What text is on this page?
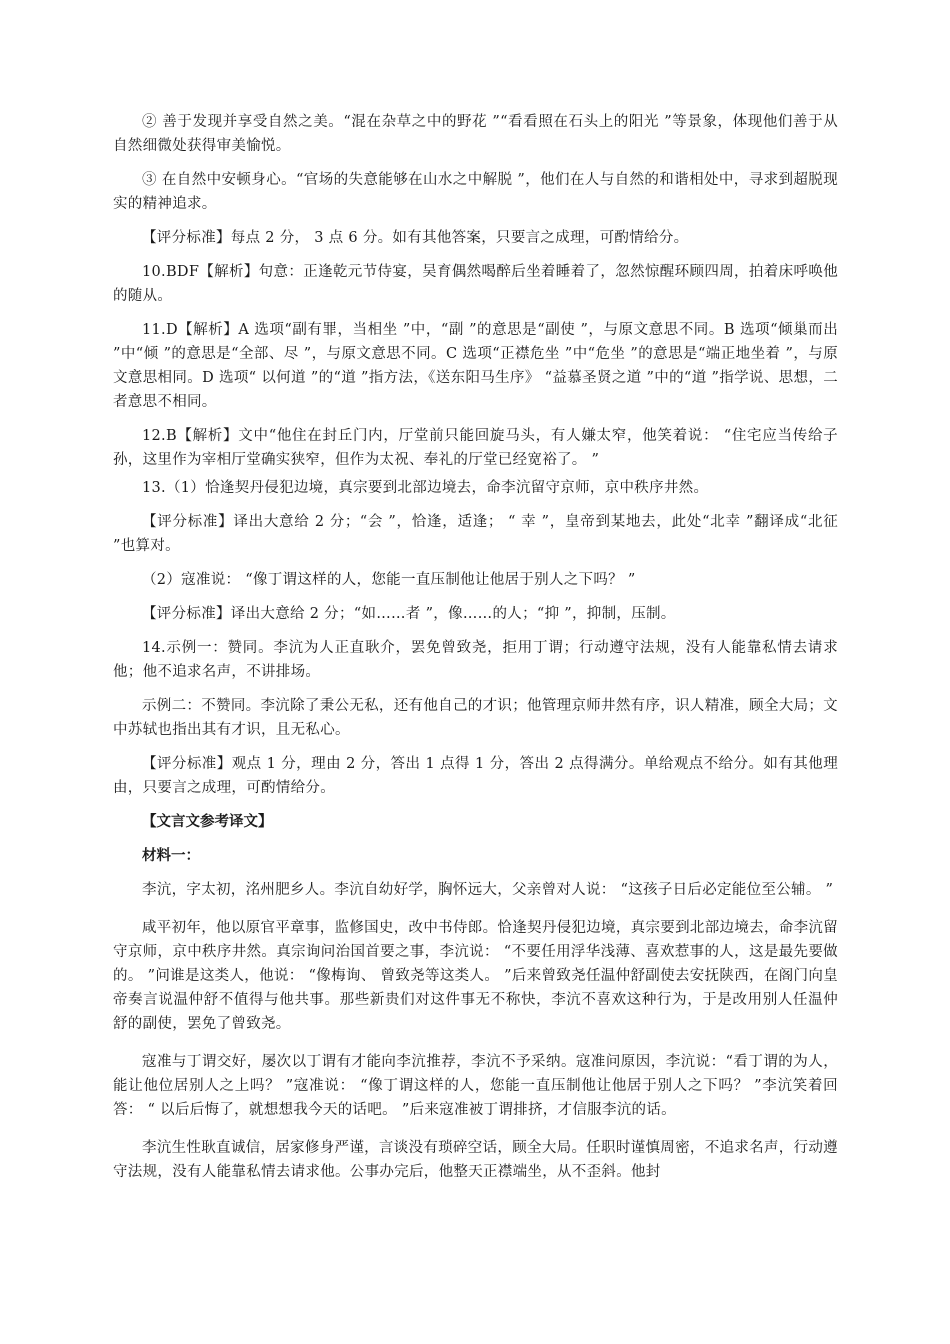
② 善于发现并享受自然之美。“混在杂草之中的野花 ”“看看照在石头上的阳光 ”等景象，体现他们善于从自然细微处获得审美愉悦。

③ 在自然中安顿身心。“官场的失意能够在山水之中解脱 ”，他们在人与自然的和谐相处中，寻求到超脱现实的精神追求。

【评分标准】每点 2 分， 3 点 6 分。如有其他答案，只要言之成理，可酌情给分。

10.BDF【解析】句意：正逢乾元节侍宴，吴育偶然喝醉后坐着睡着了，忽然惊醒环顾四周，拍着床呼唤他的随从。

11.D【解析】A 选项“副有罪，当相坐 ”中，“副 ”的意思是“副使 ”，与原文意思不同。B 选项“倾巢而出 ”中“倾 ”的意思是“全部、尽 ”，与原文意思不同。C 选项“正襟危坐 ”中“危坐 ”的意思是“端正地坐着 ”，与原文意思相同。D 选项“ 以何道 ”的“道 ”指方法，《送东阳马生序》 “益慕圣贤之道 ”中的“道 ”指学说、思想，二者意思不相同。

12.B【解析】文中“他住在封丘门内，厅堂前只能回旋马头，有人嫌太窄，他笑着说： “住宅应当传给子孙，这里作为宰相厅堂确实狭窄，但作为太祝、奉礼的厅堂已经宽裕了。 ”

13.（1）恰逢契丹侵犯边境，真宗要到北部边境去，命李沆留守京师，京中秩序井然。

【评分标准】译出大意给 2 分；“会 ”，恰逢，适逢； “ 幸 ”，皇帝到某地去，此处“北幸 ”翻译成“北征 ”也算对。

（2）寇准说： “像丁谓这样的人，您能一直压制他让他居于别人之下吗？ ”

【评分标准】译出大意给 2 分；“如……者 ”，像……的人；“抑 ”，抑制，压制。

14.示例一：赞同。李沆为人正直耿介，罢免曾致尧，拒用丁谓；行动遵守法规，没有人能靠私情去请求他；他不追求名声，不讲排场。

示例二：不赞同。李沆除了秉公无私，还有他自己的才识；他管理京师井然有序，识人精准，顾全大局；文中苏轼也指出其有才识，且无私心。

【评分标准】观点 1 分，理由 2 分，答出 1 点得 1 分，答出 2 点得满分。单给观点不给分。如有其他理由，只要言之成理，可酌情给分。

【文言文参考译文】

材料一：

李沆，字太初，洺州肥乡人。李沆自幼好学，胸怀远大，父亲曾对人说： “这孩子日后必定能位至公辅。 ”

咸平初年，他以原官平章事，监修国史，改中书侍郎。恰逢契丹侵犯边境，真宗要到北部边境去，命李沆留守京师，京中秩序井然。真宗询问治国首要之事，李沆说： “不要任用浮华浅薄、喜欢惹事的人，这是最先要做的。 ”问谁是这类人，他说： “像梅询、 曾致尧等这类人。 ”后来曾致尧任温仲舒副使去安抚陕西，在阁门向皇帝奏言说温仲舒不值得与他共事。那些新贵们对这件事无不称快，李沆不喜欢这种行为，于是改用别人任温仲舒的副使，罢免了曾致尧。

寇准与丁谓交好，屡次以丁谓有才能向李沆推荐，李沆不予采纳。寇准问原因，李沆说：“看丁谓的为人，能让他位居别人之上吗？ ”寇准说： “像丁谓这样的人，您能一直压制他让他居于别人之下吗？ ”李沆笑着回答： “ 以后后悔了，就想想我今天的话吧。 ”后来寇准被丁谓排挤，才信服李沆的话。

李沆生性耿直诚信，居家修身严谨，言谈没有琐碎空话，顾全大局。任职时谨慎周密，不追求名声，行动遵守法规，没有人能靠私情去请求他。公事办完后，他整天正襟端坐，从不歪斜。他封
